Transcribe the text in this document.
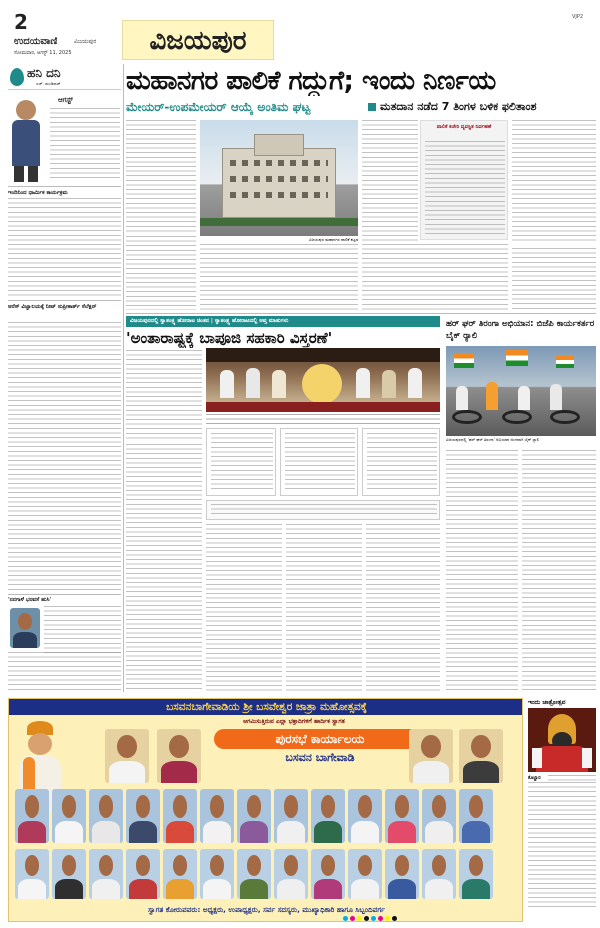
2
ಉದಯವಾಣಿ	ವಿಜಯಪುರ
ಸೋಮವಾರ, ಆಗಸ್ಟ್ 11, 2025	ವಿಜಯಪುರ
VJP2
ಹನಿ ದನಿ
ಎಚ್. ಡುಂಡಿರಾಜ್
ಆಗಸ್ಟ್
ಇಂದಿನಿಂದ ಧಾರ್ಮಿಕ ಕಾರ್ಯಕ್ರಮ
ಆರೆಸ್ ವಿಜ್ಞಾಲಯಕ್ಕೆ ನೀಟ್ ಸುಪ್ರೀಕಾರ್ತ್ ಸೆಲೆಕ್ಷನ್
'ನನಗಾಳೆ ಭರವಸೆ ಹುಸಿ'
ಮಹಾನಗರ ಪಾಲಿಕೆ ಗದ್ದುಗೆ; ಇಂದು ನಿರ್ಣಯ
ಮೇಯರ್-ಉಪಮೇಯರ್ ಆಯ್ಕೆ ಅಂತಿಮ ಘಟ್ಟ	ಮತದಾನ ನಡೆದ 7 ತಿಂಗಳ ಬಳಿಕ ಫಲಿತಾಂಶ
ವಿಜಯಪುರ ಮಹಾನಗರ ಪಾಲಿಕೆ ಕಟ್ಟಡ
ಪಾಲಿಕೆ ಕಚೇರಿ ವ್ಯವಸ್ಥಿತ ನಿರ್ವಹಣೆ
ವಿಜಯಪುರದಲ್ಲಿ ಸ್ವಾತಂತ್ರ್ಯ ಹೋರಾಟ ಚಿಂತನ | ಸ್ವಾತಂತ್ರ್ಯ ಹೋರಾಟದಲ್ಲಿ ಆಪ್ತ ಮಾತುಗಳು
'ಅಂತಾರಾಷ್ಟ್ರಕ್ಕೆ ಬಾಪೂಜಿ ಸಹಕಾರಿ ವಿಸ್ತರಣೆ'
ಹರ್ ಘರ್ ತಿರಂಗಾ ಅಭಿಯಾನ: ಬಿಜೆಪಿ ಕಾರ್ಯಕರ್ತರ ಬೈಕ್ ರ‍್ಯಾಲಿ
ವಿಜಯಪುರದಲ್ಲಿ 'ಹರ್ ಘರ್ ತಿರಂಗಾ' ಅಭಿಯಾನ ಅಂಗವಾಗಿ ಬೈಕ್ ರ‍್ಯಾಲಿ
ಬಸವನಬಾಗೇವಾಡಿಯ ಶ್ರೀ ಬಸವೇಶ್ವರ ಜಾತ್ರಾ ಮಹೋತ್ಸವಕ್ಕೆ
ಆಗಮಿಸುತ್ತಿರುವ ಎಲ್ಲಾ ಭಕ್ತಾದಿಗಳಿಗೆ ಹಾರ್ದಿಕ ಸ್ವಾಗತ
ಪುರಸಭೆ ಕಾರ್ಯಾಲಯ
ಬಸವನ ಬಾಗೇವಾಡಿ
ಸ್ವಾಗತ ಕೋರುವವರು: ಅಧ್ಯಕ್ಷರು, ಉಪಾಧ್ಯಕ್ಷರು, ಸರ್ವ ಸದಸ್ಯರು, ಮುಖ್ಯಾಧಿಕಾರಿ ಹಾಗೂ ಸಿಬ್ಬಂದಿವರ್ಗ
ಇಂದು ಜಾತ್ರೋತ್ಸವ
ಕೊಲ್ಹಾರ
